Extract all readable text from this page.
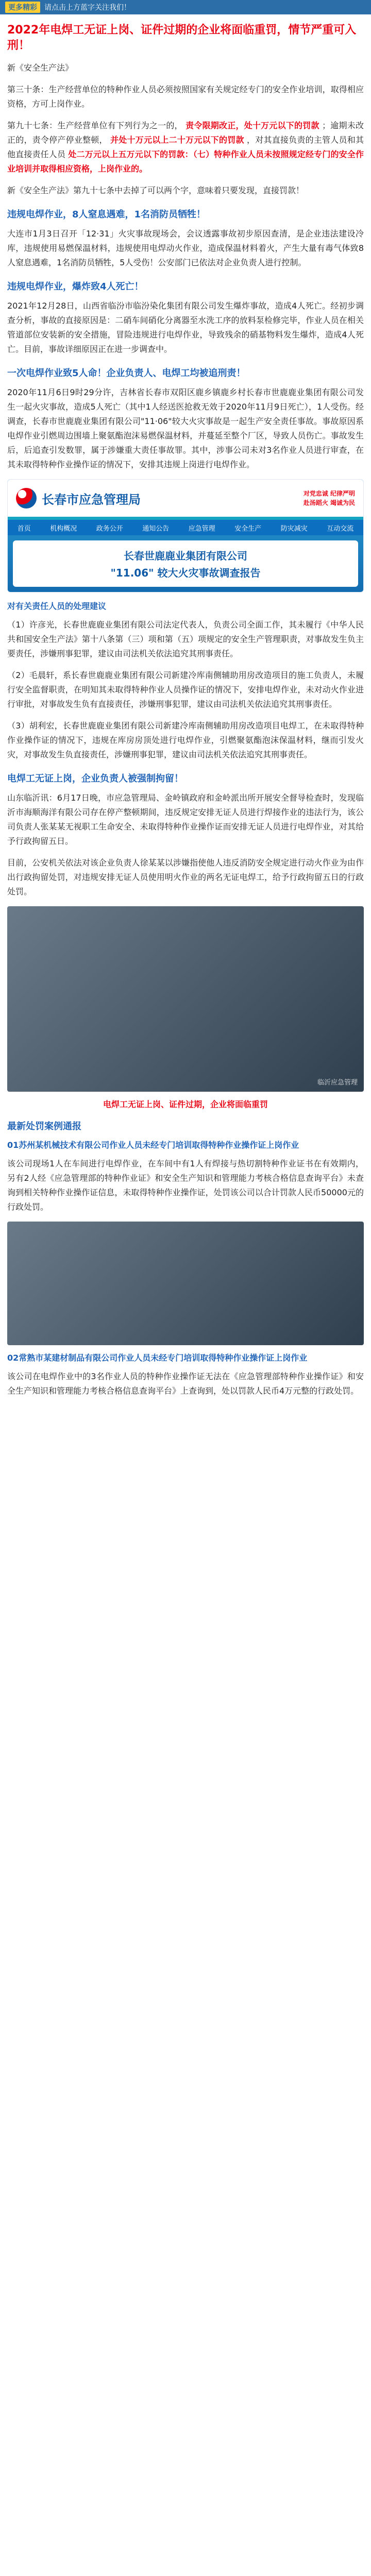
更多精彩	请点击上方蓝字关注我们！
2022年电焊工无证上岗、证件过期的企业将面临重罚，情节严重可入刑！
新《安全生产法》
第三十条：生产经营单位的特种作业人员必须按照国家有关规定经专门的安全作业培训，取得相应资格，方可上岗作业。
第九十七条：生产经营单位有下列行为之一的， 责令限期改正，处十万元以下的罚款 ；逾期未改正的，责令停产停业整顿， 并处十万元以上二十万元以下的罚款 ，对其直接负责的主管人员和其他直接责任人员 处二万元以上五万元以下的罚款：（七）特种作业人员未按照规定经专门的安全作业培训并取得相应资格，上岗作业的。
新《安全生产法》第九十七条中去掉了可以两个字，意味着只要发现，直接罚款！
违规电焊作业，8人窒息遇难，1名消防员牺牲！
大连市1月3日召开「12·31」火灾事故现场会，会议透露事故初步原因查清，是企业违法建设冷库，违规使用易燃保温材料，违规使用电焊动火作业，造成保温材料着火，产生大量有毒气体致8人窒息遇难，1名消防员牺牲，5人受伤！公安部门已依法对企业负责人进行控制。
违规电焊作业，爆炸致4人死亡！
2021年12月28日，山西省临汾市临汾染化集团有限公司发生爆炸事故，造成4人死亡。经初步调查分析，事故的直接原因是：二硝车间硝化分离器至水洗工序的放料泵检修完毕，作业人员在相关管道部位安装新的安全措施，冒险违规进行电焊作业，导致残余的硝基物料发生爆炸，造成4人死亡。目前，事故详细原因正在进一步调查中。
一次电焊作业致5人命！企业负责人、电焊工均被追刑责！
2020年11月6日9时29分许，吉林省长春市双阳区鹿乡镇鹿乡村长春市世鹿鹿业集团有限公司发生一起火灾事故，造成5人死亡（其中1人经送医抢救无效于2020年11月9日死亡），1人受伤。经调查，长春市世鹿鹿业集团有限公司"11·06"较大火灾事故是一起生产安全责任事故。事故原因系电焊作业引燃周边围墙上聚氨酯泡沫易燃保温材料，并蔓延至整个厂区，导致人员伤亡。事故发生后，后追查引发数罪，属于涉嫌重大责任事故罪。其中，涉事公司未对3名作业人员进行审查，在其未取得特种作业操作证的情况下，安排其违规上岗进行电焊作业。
长春市应急管理局	对党忠诚 纪律严明
赴汤蹈火 竭诚为民
首页	机构概况	政务公开	通知公告	应急管理	安全生产	防灾减灾	互动交流
长春世鹿鹿业集团有限公司
"11.06" 较大火灾事故调查报告
对有关责任人员的处理建议
（1）许彦光，长春世鹿鹿业集团有限公司法定代表人，负责公司全面工作，其未履行《中华人民共和国安全生产法》第十八条第（三）项和第（五）项规定的安全生产管理职责，对事故发生负主要责任，涉嫌刑事犯罪，建议由司法机关依法追究其刑事责任。
（2）毛晨轩，系长春世鹿鹿业集团有限公司新建冷库南侧辅助用房改造项目的施工负责人，未履行安全监督职责，在明知其未取得特种作业人员操作证的情况下，安排电焊作业，未对动火作业进行审批，对事故发生负有直接责任，涉嫌刑事犯罪，建议由司法机关依法追究其刑事责任。
（3）胡利宏，长春世鹿鹿业集团有限公司新建冷库南侧辅助用房改造项目电焊工，在未取得特种作业操作证的情况下，违规在库房房顶处进行电焊作业，引燃聚氨酯泡沫保温材料，继而引发火灾，对事故发生负直接责任，涉嫌刑事犯罪，建议由司法机关依法追究其刑事责任。
电焊工无证上岗，企业负责人被强制拘留！
山东临沂讯：6月17日晚，市应急管理局、金岭镇政府和金岭派出所开展安全督导检查时，发现临沂市海顺海洋有限公司存在停产整顿期间，违反规定安排无证人员进行焊接作业的违法行为，该公司负责人张某某无视职工生命安全、未取得特种作业操作证而安排无证人员进行电焊作业，对其给予行政拘留五日。
目前，公安机关依法对该企业负责人徐某某以涉嫌指使他人违反消防安全规定进行动火作业为由作出行政拘留处罚，对违规安排无证人员使用明火作业的两名无证电焊工，给予行政拘留五日的行政处罚。
临沂应急管理
电焊工无证上岗、证件过期，企业将面临重罚
最新处罚案例通报
01苏州某机械技术有限公司作业人员未经专门培训取得特种作业操作证上岗作业
该公司现场1人在车间进行电焊作业，在车间中有1人有焊接与热切割特种作业证书在有效期内，另有2人经《应急管理部的特种作业证》和安全生产知识和管理能力考核合格信息查询平台》未查询到相关特种作业操作证信息，未取得特种作业操作证，处罚该公司以合计罚款人民币50000元的行政处罚。
02常熟市某建材制品有限公司作业人员未经专门培训取得特种作业操作证上岗作业
该公司在电焊作业中的3名作业人员的特种作业操作证无法在《应急管理部特种作业操作证》和安全生产知识和管理能力考核合格信息查询平台》上查询到，处以罚款人民币4万元整的行政处罚。
